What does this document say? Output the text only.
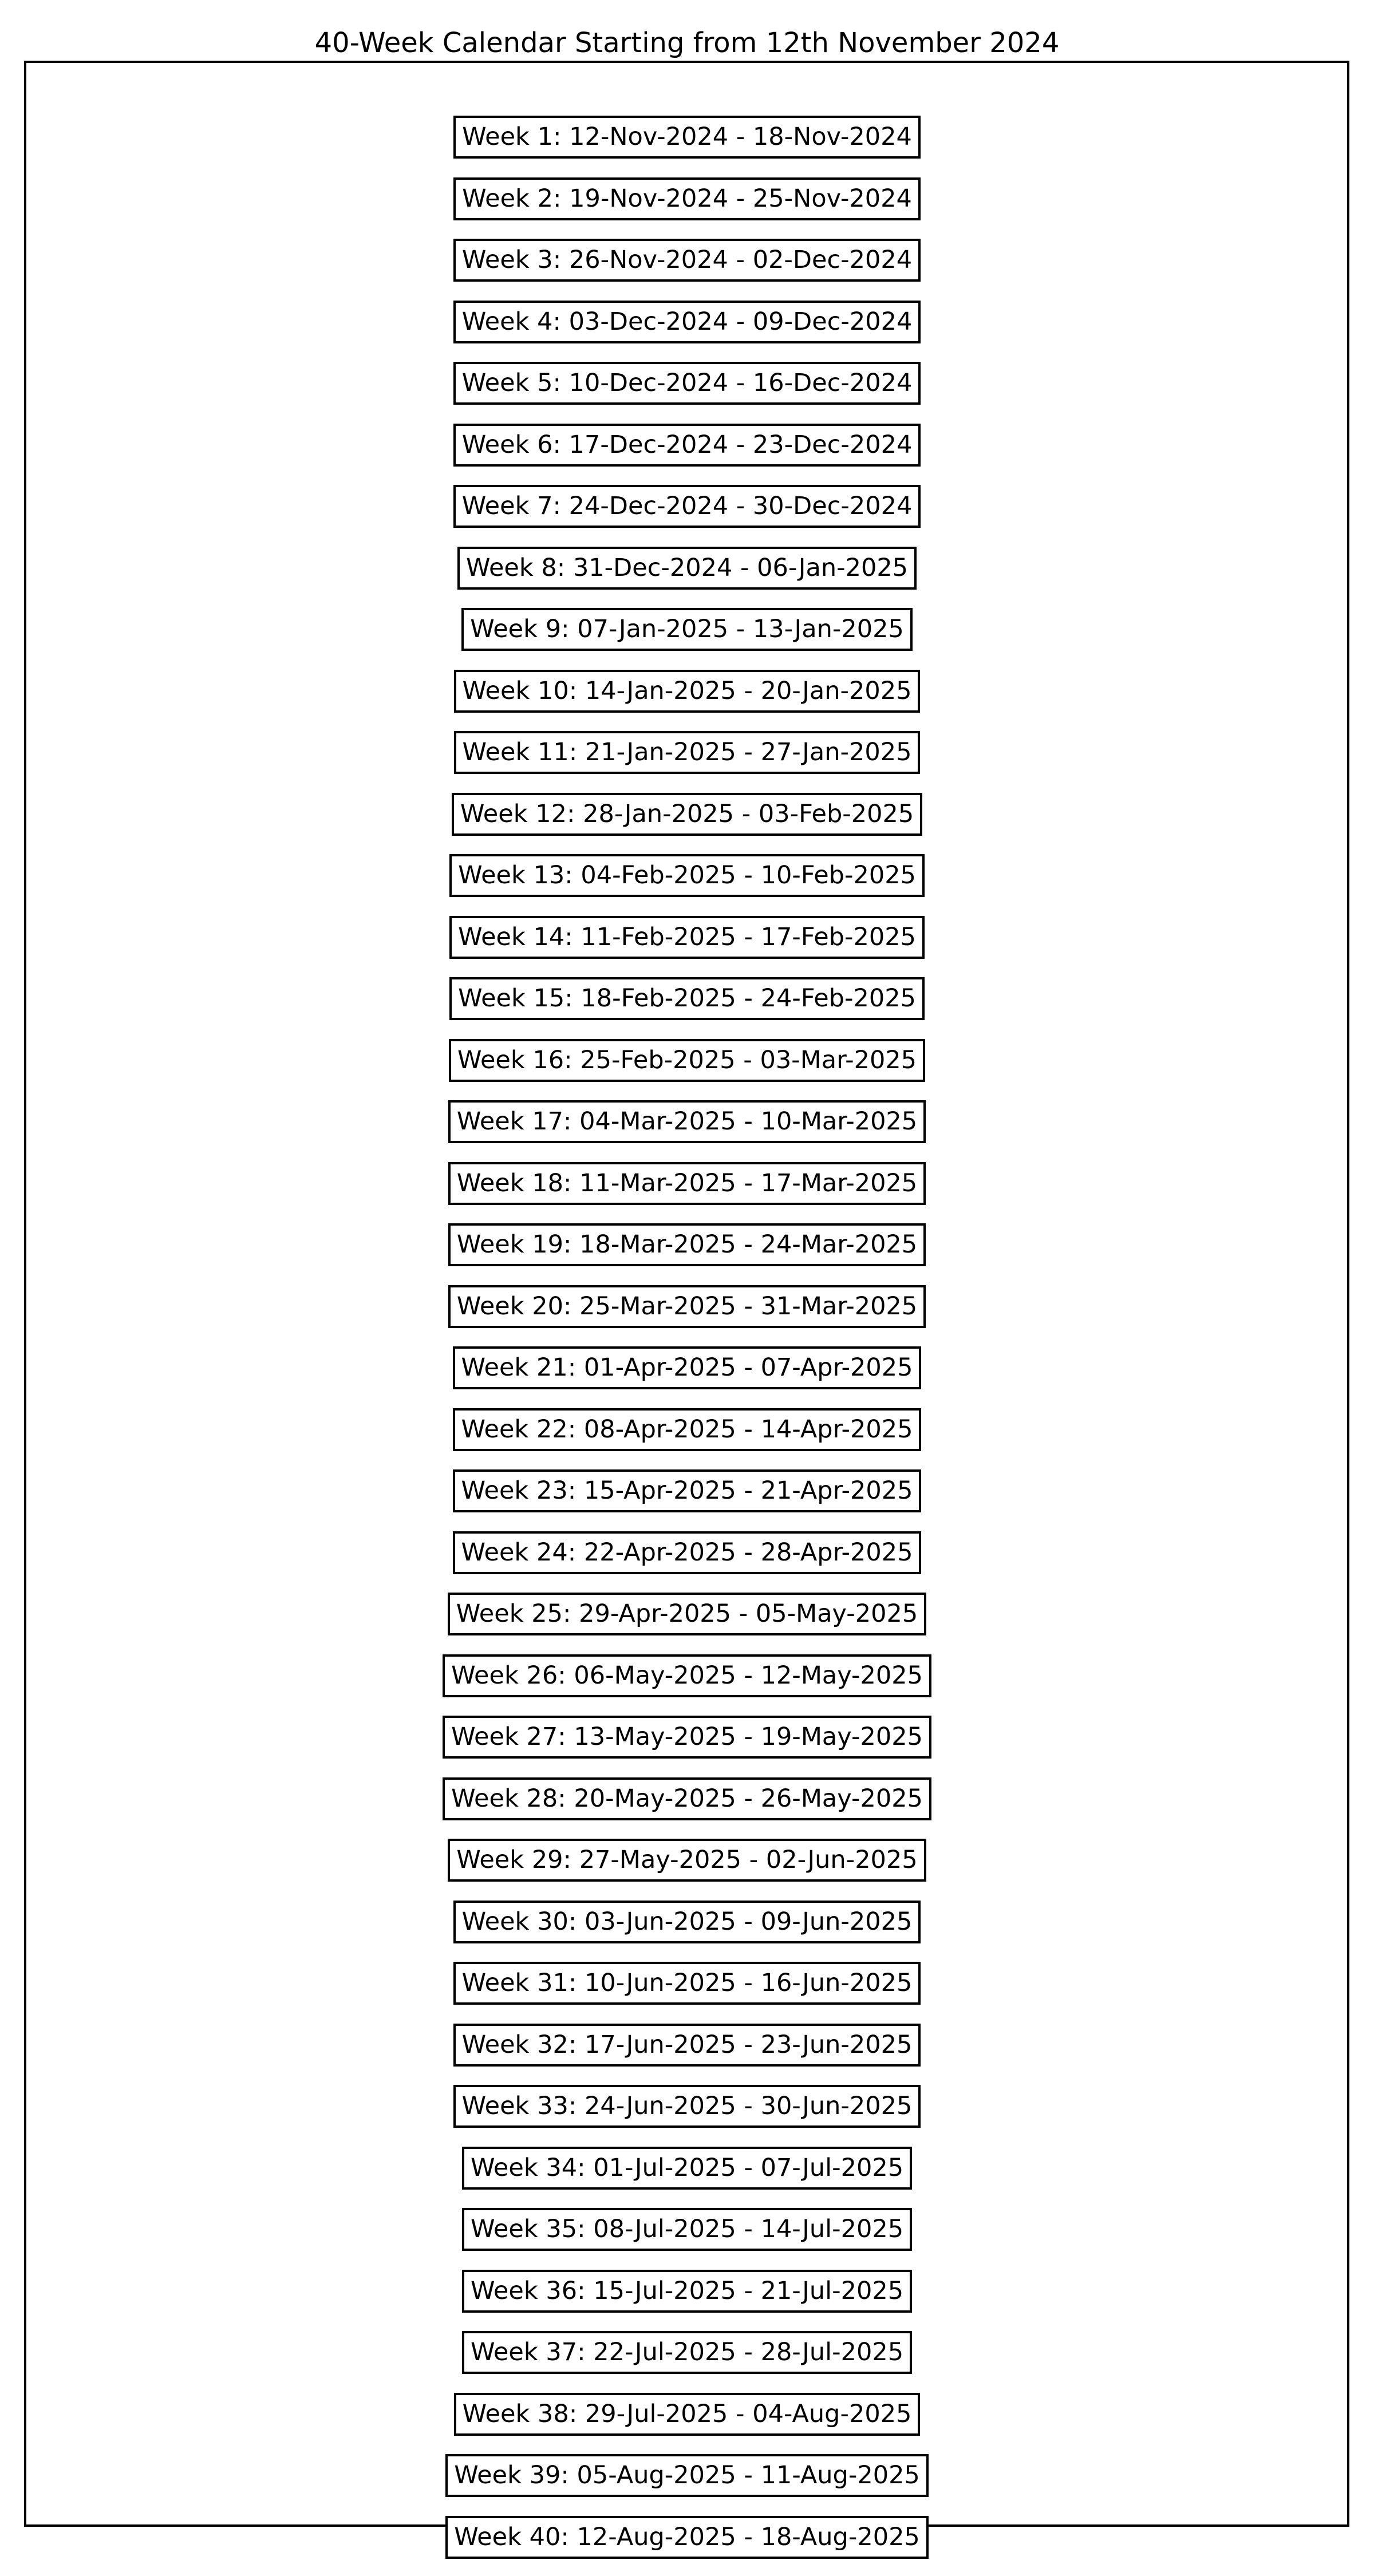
40-Week Calendar Starting from 12th November 2024
Week 1: 12-Nov-2024 - 18-Nov-2024
Week 2: 19-Nov-2024 - 25-Nov-2024
Week 3: 26-Nov-2024 - 02-Dec-2024
Week 4: 03-Dec-2024 - 09-Dec-2024
Week 5: 10-Dec-2024 - 16-Dec-2024
Week 6: 17-Dec-2024 - 23-Dec-2024
Week 7: 24-Dec-2024 - 30-Dec-2024
Week 8: 31-Dec-2024 - 06-Jan-2025
Week 9: 07-Jan-2025 - 13-Jan-2025
Week 10: 14-Jan-2025 - 20-Jan-2025
Week 11: 21-Jan-2025 - 27-Jan-2025
Week 12: 28-Jan-2025 - 03-Feb-2025
Week 13: 04-Feb-2025 - 10-Feb-2025
Week 14: 11-Feb-2025 - 17-Feb-2025
Week 15: 18-Feb-2025 - 24-Feb-2025
Week 16: 25-Feb-2025 - 03-Mar-2025
Week 17: 04-Mar-2025 - 10-Mar-2025
Week 18: 11-Mar-2025 - 17-Mar-2025
Week 19: 18-Mar-2025 - 24-Mar-2025
Week 20: 25-Mar-2025 - 31-Mar-2025
Week 21: 01-Apr-2025 - 07-Apr-2025
Week 22: 08-Apr-2025 - 14-Apr-2025
Week 23: 15-Apr-2025 - 21-Apr-2025
Week 24: 22-Apr-2025 - 28-Apr-2025
Week 25: 29-Apr-2025 - 05-May-2025
Week 26: 06-May-2025 - 12-May-2025
Week 27: 13-May-2025 - 19-May-2025
Week 28: 20-May-2025 - 26-May-2025
Week 29: 27-May-2025 - 02-Jun-2025
Week 30: 03-Jun-2025 - 09-Jun-2025
Week 31: 10-Jun-2025 - 16-Jun-2025
Week 32: 17-Jun-2025 - 23-Jun-2025
Week 33: 24-Jun-2025 - 30-Jun-2025
Week 34: 01-Jul-2025 - 07-Jul-2025
Week 35: 08-Jul-2025 - 14-Jul-2025
Week 36: 15-Jul-2025 - 21-Jul-2025
Week 37: 22-Jul-2025 - 28-Jul-2025
Week 38: 29-Jul-2025 - 04-Aug-2025
Week 39: 05-Aug-2025 - 11-Aug-2025
Week 40: 12-Aug-2025 - 18-Aug-2025
